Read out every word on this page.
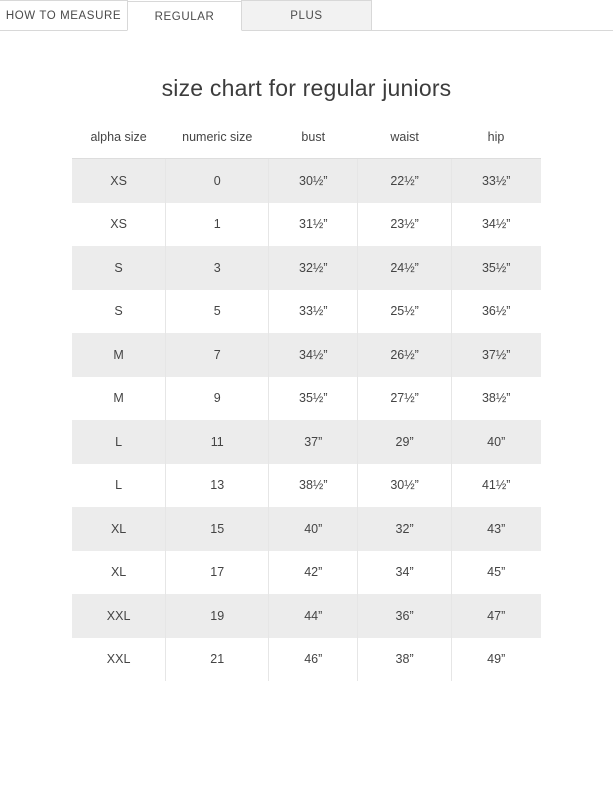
HOW TO MEASURE	REGULAR	PLUS
size chart for regular juniors
alpha size	numeric size	bust	waist	hip
XS	0	30½”	22½”	33½”
XS	1	31½”	23½”	34½”
S	3	32½”	24½”	35½”
S	5	33½”	25½”	36½”
M	7	34½”	26½”	37½”
M	9	35½”	27½”	38½”
L	11	37”	29”	40”
L	13	38½”	30½”	41½”
XL	15	40”	32”	43”
XL	17	42”	34”	45”
XXL	19	44”	36”	47”
XXL	21	46”	38”	49”
